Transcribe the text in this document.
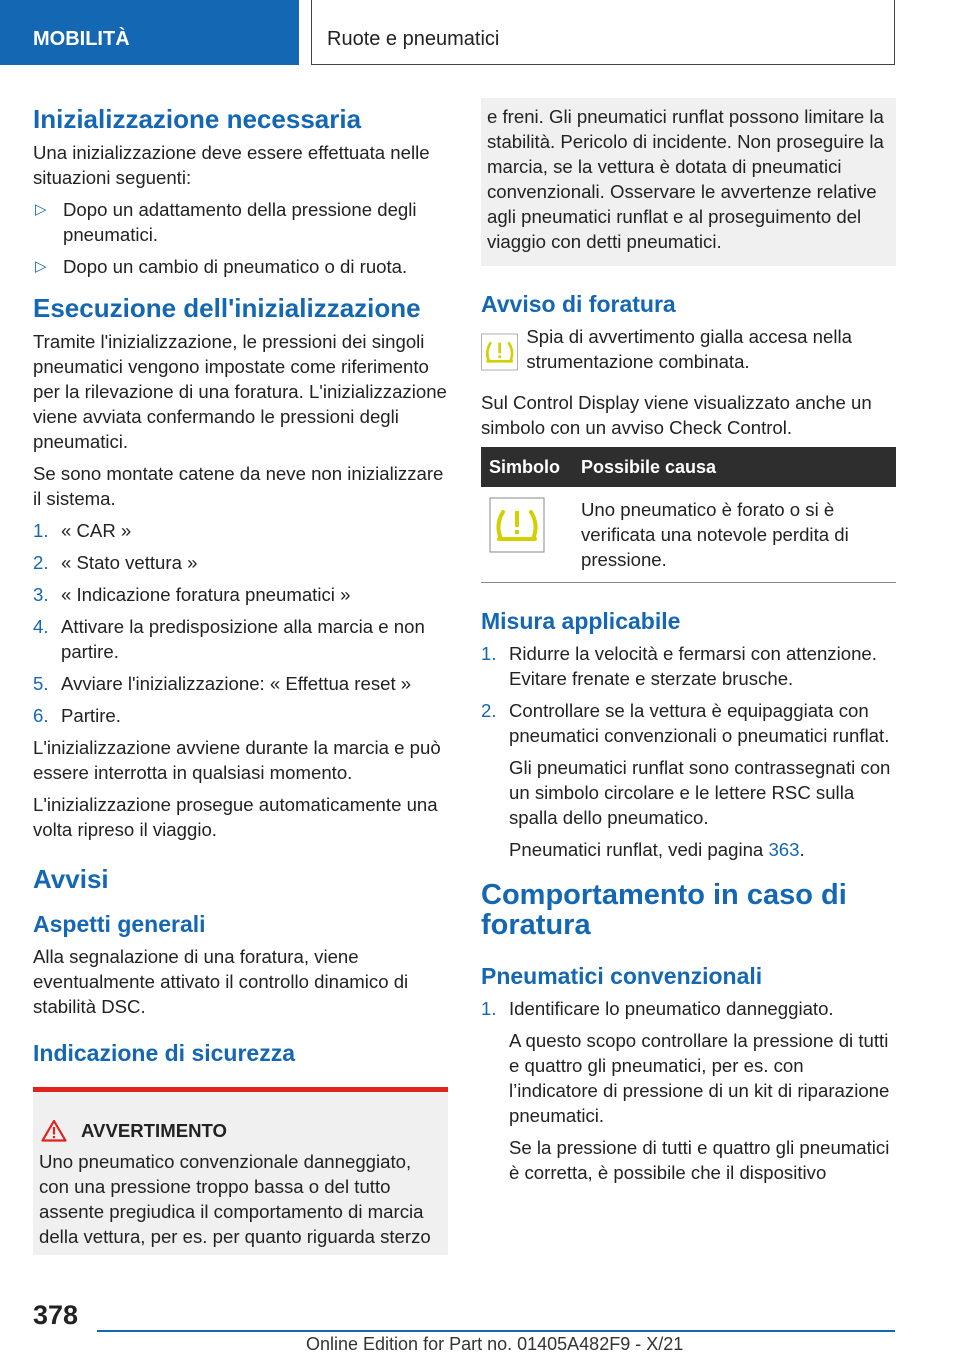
MOBILITÀ	Ruote e pneumatici
Inizializzazione necessaria

Una inizializzazione deve essere effettuata nelle situazioni seguenti:

▷ Dopo un adattamento della pressione degli pneumatici.
▷ Dopo un cambio di pneumatico o di ruota.
Esecuzione dell'inizializzazione

Tramite l'inizializzazione, le pressioni dei singoli pneumatici vengono impostate come riferimento per la rilevazione di una foratura. L'inizializzazione viene avviata confermando le pressioni degli pneumatici.

Se sono montate catene da neve non inizializzare il sistema.

1. « CAR »
2. « Stato vettura »
3. « Indicazione foratura pneumatici »
4. Attivare la predisposizione alla marcia e non partire.
5. Avviare l'inizializzazione: « Effettua reset »
6. Partire.

L'inizializzazione avviene durante la marcia e può essere interrotta in qualsiasi momento.

L'inizializzazione prosegue automaticamente una volta ripreso il viaggio.

Avvisi
Aspetti generali

Alla segnalazione di una foratura, viene eventualmente attivato il controllo dinamico di stabilità DSC.

Indicazione di sicurezza
AVVERTIMENTO
Uno pneumatico convenzionale danneggiato, con una pressione troppo bassa o del tutto assente pregiudica il comportamento di marcia della vettura, per es. per quanto riguarda sterzo
e freni. Gli pneumatici runflat possono limitare la stabilità. Pericolo di incidente. Non proseguire la marcia, se la vettura è dotata di pneumatici convenzionali. Osservare le avvertenze relative agli pneumatici runflat e al proseguimento del viaggio con detti pneumatici.
Avviso di foratura
Spia di avvertimento gialla accesa nella strumentazione combinata.

Sul Control Display viene visualizzato anche un simbolo con un avviso Check Control.

Simbolo	Possibile causa
	Uno pneumatico è forato o si è verificata una notevole perdita di pressione.
Misura applicabile
1. Ridurre la velocità e fermarsi con attenzione. Evitare frenate e sterzate brusche.
2. Controllare se la vettura è equipaggiata con pneumatici convenzionali o pneumatici runflat.
Gli pneumatici runflat sono contrassegnati con un simbolo circolare e le lettere RSC sulla spalla dello pneumatico.
Pneumatici runflat, vedi pagina 363.
Comportamento in caso di foratura
Pneumatici convenzionali
1. Identificare lo pneumatico danneggiato.
A questo scopo controllare la pressione di tutti e quattro gli pneumatici, per es. con l’indicatore di pressione di un kit di riparazione pneumatici.
Se la pressione di tutti e quattro gli pneumatici è corretta, è possibile che il dispositivo
378
Online Edition for Part no. 01405A482F9 - X/21
